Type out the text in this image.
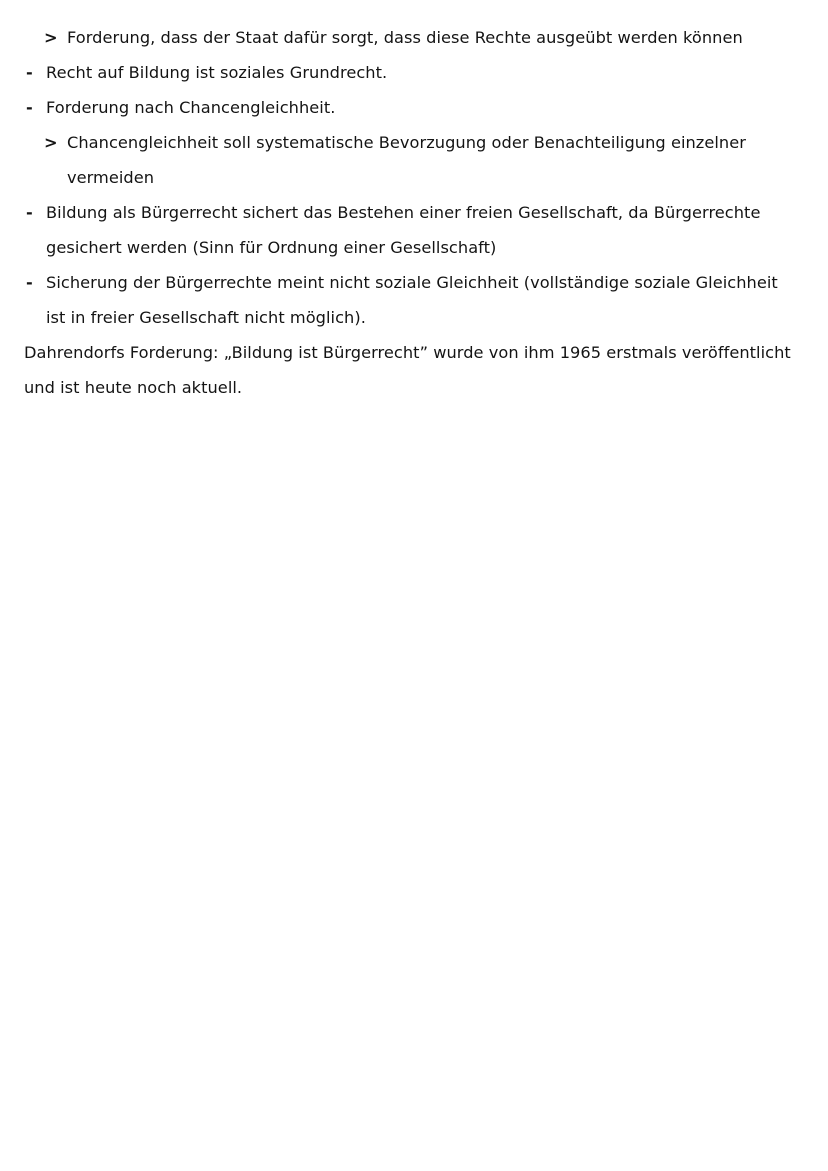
> Forderung, dass der Staat dafür sorgt, dass diese Rechte ausgeübt werden können
- Recht auf Bildung ist soziales Grundrecht.
- Forderung nach Chancengleichheit.
> Chancengleichheit soll systematische Bevorzugung oder Benachteiligung einzelner
vermeiden
- Bildung als Bürgerrecht sichert das Bestehen einer freien Gesellschaft, da Bürgerrechte
gesichert werden (Sinn für Ordnung einer Gesellschaft)
- Sicherung der Bürgerrechte meint nicht soziale Gleichheit (vollständige soziale Gleichheit
ist in freier Gesellschaft nicht möglich).
Dahrendorfs Forderung: „Bildung ist Bürgerrecht” wurde von ihm 1965 erstmals veröffentlicht
und ist heute noch aktuell.
